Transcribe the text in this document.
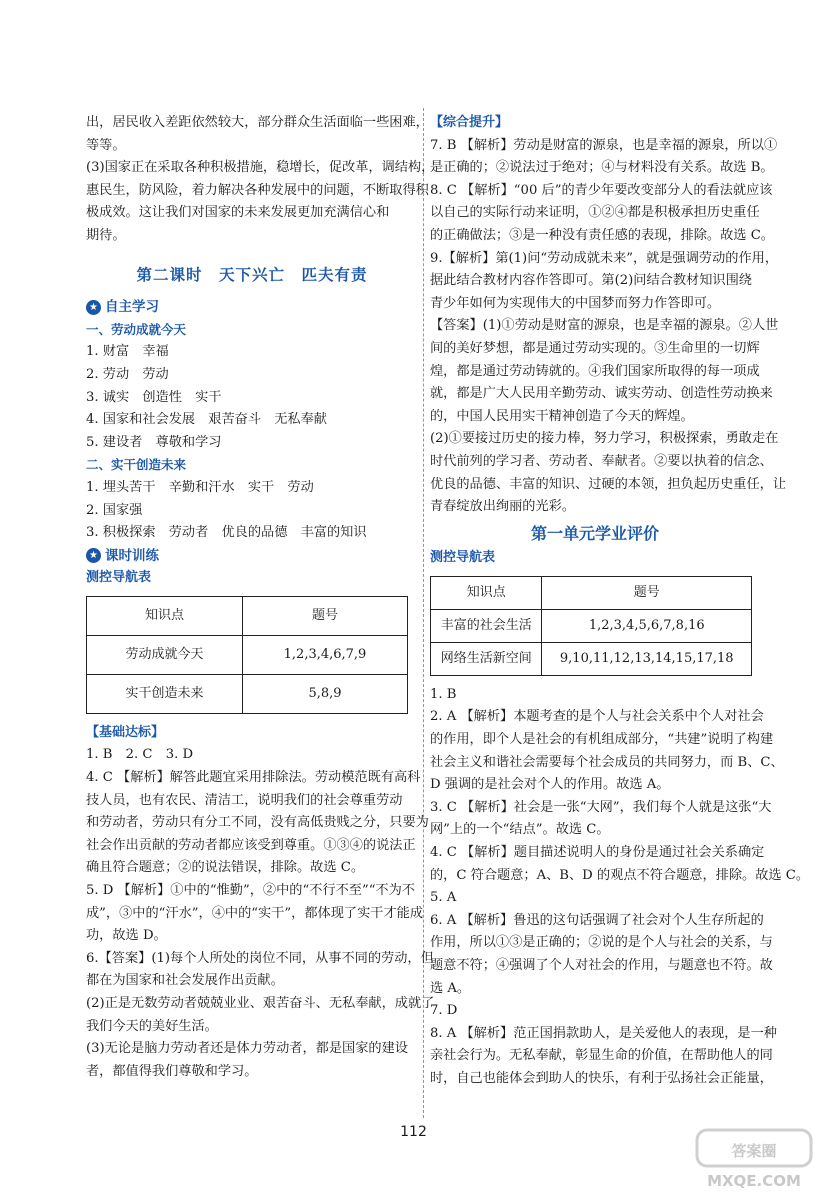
出，居民收入差距依然较大，部分群众生活面临一些困难，
等等。
(3)国家正在采取各种积极措施，稳增长，促改革，调结构，
惠民生，防风险，着力解决各种发展中的问题，不断取得积
极成效。这让我们对国家的未来发展更加充满信心和
期待。
第二课时　天下兴亡　匹夫有责
★ 自主学习
一、劳动成就今天
1. 财富　幸福
2. 劳动　劳动
3. 诚实　创造性　实干
4. 国家和社会发展　艰苦奋斗　无私奉献
5. 建设者　尊敬和学习
二、实干创造未来
1. 埋头苦干　辛勤和汗水　实干　劳动
2. 国家强
3. 积极探索　劳动者　优良的品德　丰富的知识
★ 课时训练
测控导航表
知识点	题号
劳动成就今天	1,2,3,4,6,7,9
实干创造未来	5,8,9
【基础达标】
1. B　2. C　3. D
4. C 【解析】解答此题宜采用排除法。劳动模范既有高科
技人员，也有农民、清洁工，说明我们的社会尊重劳动
和劳动者，劳动只有分工不同，没有高低贵贱之分，只要为
社会作出贡献的劳动者都应该受到尊重。①③④的说法正
确且符合题意；②的说法错误，排除。故选 C。
5. D 【解析】①中的“惟勤”，②中的“不行不至”“不为不
成”，③中的“汗水”，④中的“实干”，都体现了实干才能成
功，故选 D。
6.【答案】(1)每个人所处的岗位不同，从事不同的劳动，但
都在为国家和社会发展作出贡献。
(2)正是无数劳动者兢兢业业、艰苦奋斗、无私奉献，成就了
我们今天的美好生活。
(3)无论是脑力劳动者还是体力劳动者，都是国家的建设
者，都值得我们尊敬和学习。
【综合提升】
7. B 【解析】劳动是财富的源泉，也是幸福的源泉，所以①
是正确的；②说法过于绝对；④与材料没有关系。故选 B。
8. C 【解析】“00 后”的青少年要改变部分人的看法就应该
以自己的实际行动来证明，①②④都是积极承担历史重任
的正确做法；③是一种没有责任感的表现，排除。故选 C。
9.【解析】第(1)问“劳动成就未来”，就是强调劳动的作用，
据此结合教材内容作答即可。第(2)问结合教材知识围绕
青少年如何为实现伟大的中国梦而努力作答即可。
【答案】(1)①劳动是财富的源泉，也是幸福的源泉。②人世
间的美好梦想，都是通过劳动实现的。③生命里的一切辉
煌，都是通过劳动铸就的。④我们国家所取得的每一项成
就，都是广大人民用辛勤劳动、诚实劳动、创造性劳动换来
的，中国人民用实干精神创造了今天的辉煌。
(2)①要接过历史的接力棒，努力学习，积极探索，勇敢走在
时代前列的学习者、劳动者、奉献者。②要以执着的信念、
优良的品德、丰富的知识、过硬的本领，担负起历史重任，让
青春绽放出绚丽的光彩。
第一单元学业评价
测控导航表
知识点	题号
丰富的社会生活	1,2,3,4,5,6,7,8,16
网络生活新空间	9,10,11,12,13,14,15,17,18
1. B
2. A 【解析】本题考查的是个人与社会关系中个人对社会
的作用，即个人是社会的有机组成部分，“共建”说明了构建
社会主义和谐社会需要每个社会成员的共同努力，而 B、C、
D 强调的是社会对个人的作用。故选 A。
3. C 【解析】社会是一张“大网”，我们每个人就是这张“大
网”上的一个“结点”。故选 C。
4. C 【解析】题目描述说明人的身份是通过社会关系确定
的，C 符合题意；A、B、D 的观点不符合题意，排除。故选 C。
5. A
6. A 【解析】鲁迅的这句话强调了社会对个人生存所起的
作用，所以①③是正确的；②说的是个人与社会的关系，与
题意不符；④强调了个人对社会的作用，与题意也不符。故
选 A。
7. D
8. A 【解析】范正国捐款助人，是关爱他人的表现，是一种
亲社会行为。无私奉献，彰显生命的价值，在帮助他人的同
时，自己也能体会到助人的快乐，有利于弘扬社会正能量，
112
答案圈
MXQE.COM
